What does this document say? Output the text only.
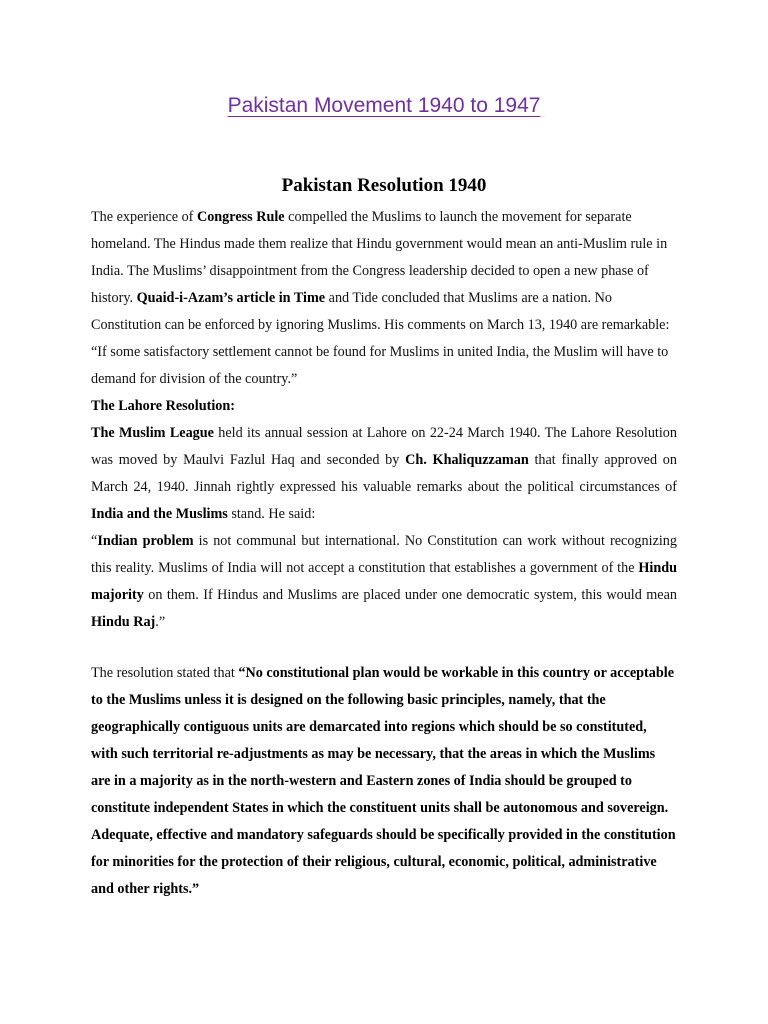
Pakistan Movement 1940 to 1947
Pakistan Resolution 1940
The experience of Congress Rule compelled the Muslims to launch the movement for separate homeland. The Hindus made them realize that Hindu government would mean an anti-Muslim rule in India. The Muslims’ disappointment from the Congress leadership decided to open a new phase of history. Quaid-i-Azam’s article in Time and Tide concluded that Muslims are a nation. No Constitution can be enforced by ignoring Muslims. His comments on March 13, 1940 are remarkable: “If some satisfactory settlement cannot be found for Muslims in united India, the Muslim will have to demand for division of the country.”
The Lahore Resolution:
The Muslim League held its annual session at Lahore on 22-24 March 1940. The Lahore Resolution was moved by Maulvi Fazlul Haq and seconded by Ch. Khaliquzzaman that finally approved on March 24, 1940. Jinnah rightly expressed his valuable remarks about the political circumstances of India and the Muslims stand. He said:
“Indian problem is not communal but international. No Constitution can work without recognizing this reality. Muslims of India will not accept a constitution that establishes a government of the Hindu majority on them. If Hindus and Muslims are placed under one democratic system, this would mean Hindu Raj.”
The resolution stated that “No constitutional plan would be workable in this country or acceptable to the Muslims unless it is designed on the following basic principles, namely, that the geographically contiguous units are demarcated into regions which should be so constituted, with such territorial re-adjustments as may be necessary, that the areas in which the Muslims are in a majority as in the north-western and Eastern zones of India should be grouped to constitute independent States in which the constituent units shall be autonomous and sovereign. Adequate, effective and mandatory safeguards should be specifically provided in the constitution for minorities for the protection of their religious, cultural, economic, political, administrative and other rights.”
